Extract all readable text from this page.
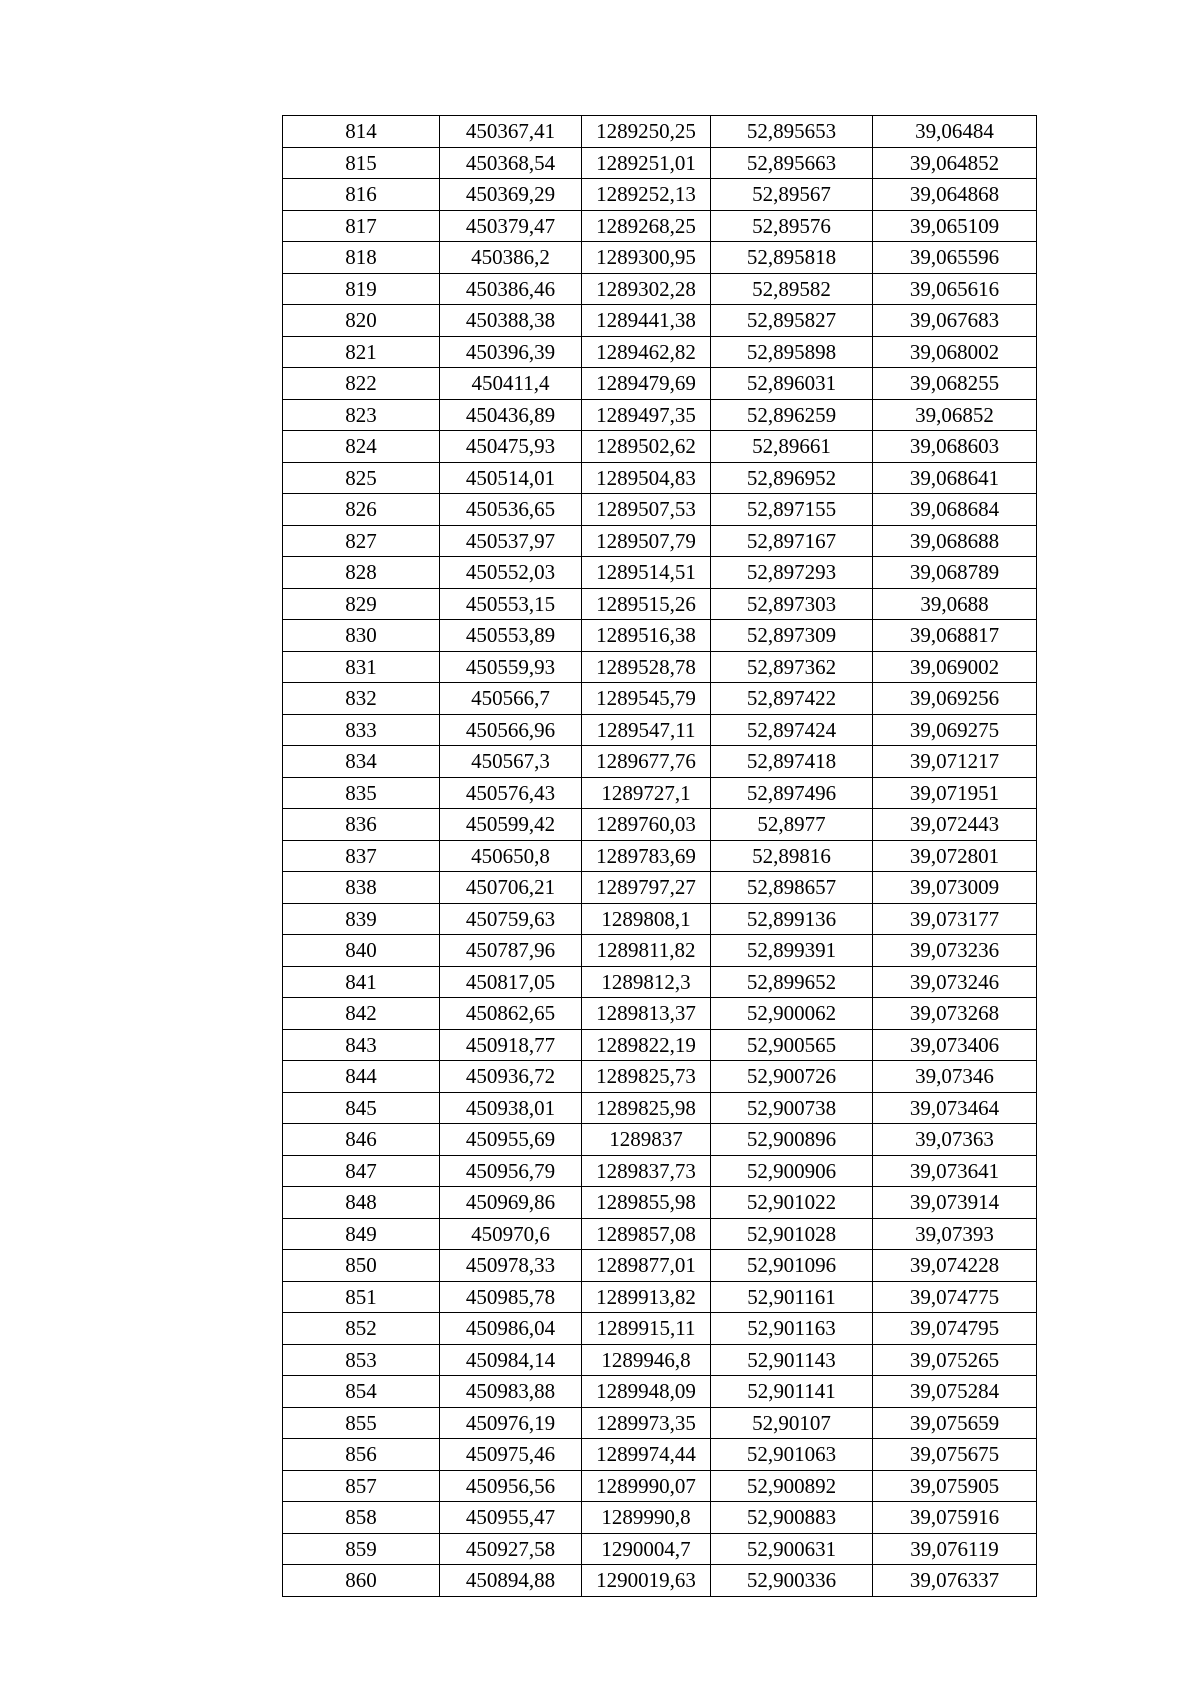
814	450367,41	1289250,25	52,895653	39,06484
815	450368,54	1289251,01	52,895663	39,064852
816	450369,29	1289252,13	52,89567	39,064868
817	450379,47	1289268,25	52,89576	39,065109
818	450386,2	1289300,95	52,895818	39,065596
819	450386,46	1289302,28	52,89582	39,065616
820	450388,38	1289441,38	52,895827	39,067683
821	450396,39	1289462,82	52,895898	39,068002
822	450411,4	1289479,69	52,896031	39,068255
823	450436,89	1289497,35	52,896259	39,06852
824	450475,93	1289502,62	52,89661	39,068603
825	450514,01	1289504,83	52,896952	39,068641
826	450536,65	1289507,53	52,897155	39,068684
827	450537,97	1289507,79	52,897167	39,068688
828	450552,03	1289514,51	52,897293	39,068789
829	450553,15	1289515,26	52,897303	39,0688
830	450553,89	1289516,38	52,897309	39,068817
831	450559,93	1289528,78	52,897362	39,069002
832	450566,7	1289545,79	52,897422	39,069256
833	450566,96	1289547,11	52,897424	39,069275
834	450567,3	1289677,76	52,897418	39,071217
835	450576,43	1289727,1	52,897496	39,071951
836	450599,42	1289760,03	52,8977	39,072443
837	450650,8	1289783,69	52,89816	39,072801
838	450706,21	1289797,27	52,898657	39,073009
839	450759,63	1289808,1	52,899136	39,073177
840	450787,96	1289811,82	52,899391	39,073236
841	450817,05	1289812,3	52,899652	39,073246
842	450862,65	1289813,37	52,900062	39,073268
843	450918,77	1289822,19	52,900565	39,073406
844	450936,72	1289825,73	52,900726	39,07346
845	450938,01	1289825,98	52,900738	39,073464
846	450955,69	1289837	52,900896	39,07363
847	450956,79	1289837,73	52,900906	39,073641
848	450969,86	1289855,98	52,901022	39,073914
849	450970,6	1289857,08	52,901028	39,07393
850	450978,33	1289877,01	52,901096	39,074228
851	450985,78	1289913,82	52,901161	39,074775
852	450986,04	1289915,11	52,901163	39,074795
853	450984,14	1289946,8	52,901143	39,075265
854	450983,88	1289948,09	52,901141	39,075284
855	450976,19	1289973,35	52,90107	39,075659
856	450975,46	1289974,44	52,901063	39,075675
857	450956,56	1289990,07	52,900892	39,075905
858	450955,47	1289990,8	52,900883	39,075916
859	450927,58	1290004,7	52,900631	39,076119
860	450894,88	1290019,63	52,900336	39,076337
